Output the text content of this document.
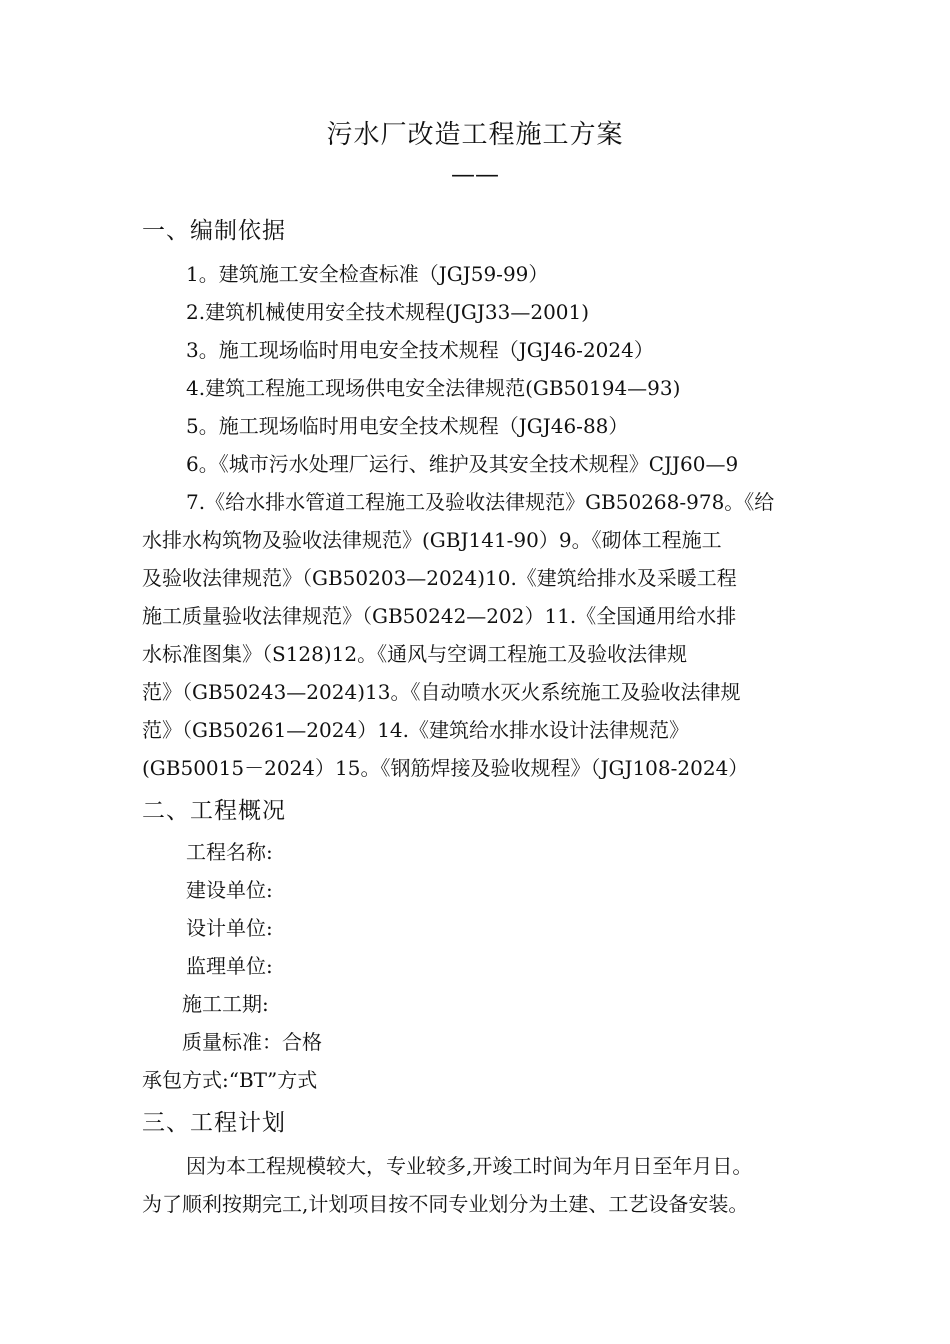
污水厂改造工程施工方案
——
一、编制依据
1。建筑施工安全检查标准（JGJ59-99）
2.建筑机械使用安全技术规程(JGJ33—2001)
3。施工现场临时用电安全技术规程（JGJ46-2024）
4.建筑工程施工现场供电安全法律规范(GB50194—93)
5。施工现场临时用电安全技术规程（JGJ46-88）
6。《城市污水处理厂运行、维护及其安全技术规程》CJJ60—9
7.《给水排水管道工程施工及验收法律规范》GB50268-978。《给
水排水构筑物及验收法律规范》(GBJ141-90）9。《砌体工程施工
及验收法律规范》（GB50203—2024)10.《建筑给排水及采暖工程
施工质量验收法律规范》（GB50242—202）11.《全国通用给水排
水标准图集》（S128)12。《通风与空调工程施工及验收法律规
范》（GB50243—2024)13。《自动喷水灭火系统施工及验收法律规
范》（GB50261—2024）14.《建筑给水排水设计法律规范》
(GB50015－2024）15。《钢筋焊接及验收规程》（JGJ108-2024）
二、工程概况
工程名称:
建设单位:
设计单位:
监理单位:
施工工期:
质量标准：合格
承包方式:“BT”方式
三、工程计划
因为本工程规模较大，专业较多,开竣工时间为年月日至年月日。
为了顺利按期完工,计划项目按不同专业划分为土建、工艺设备安装。
